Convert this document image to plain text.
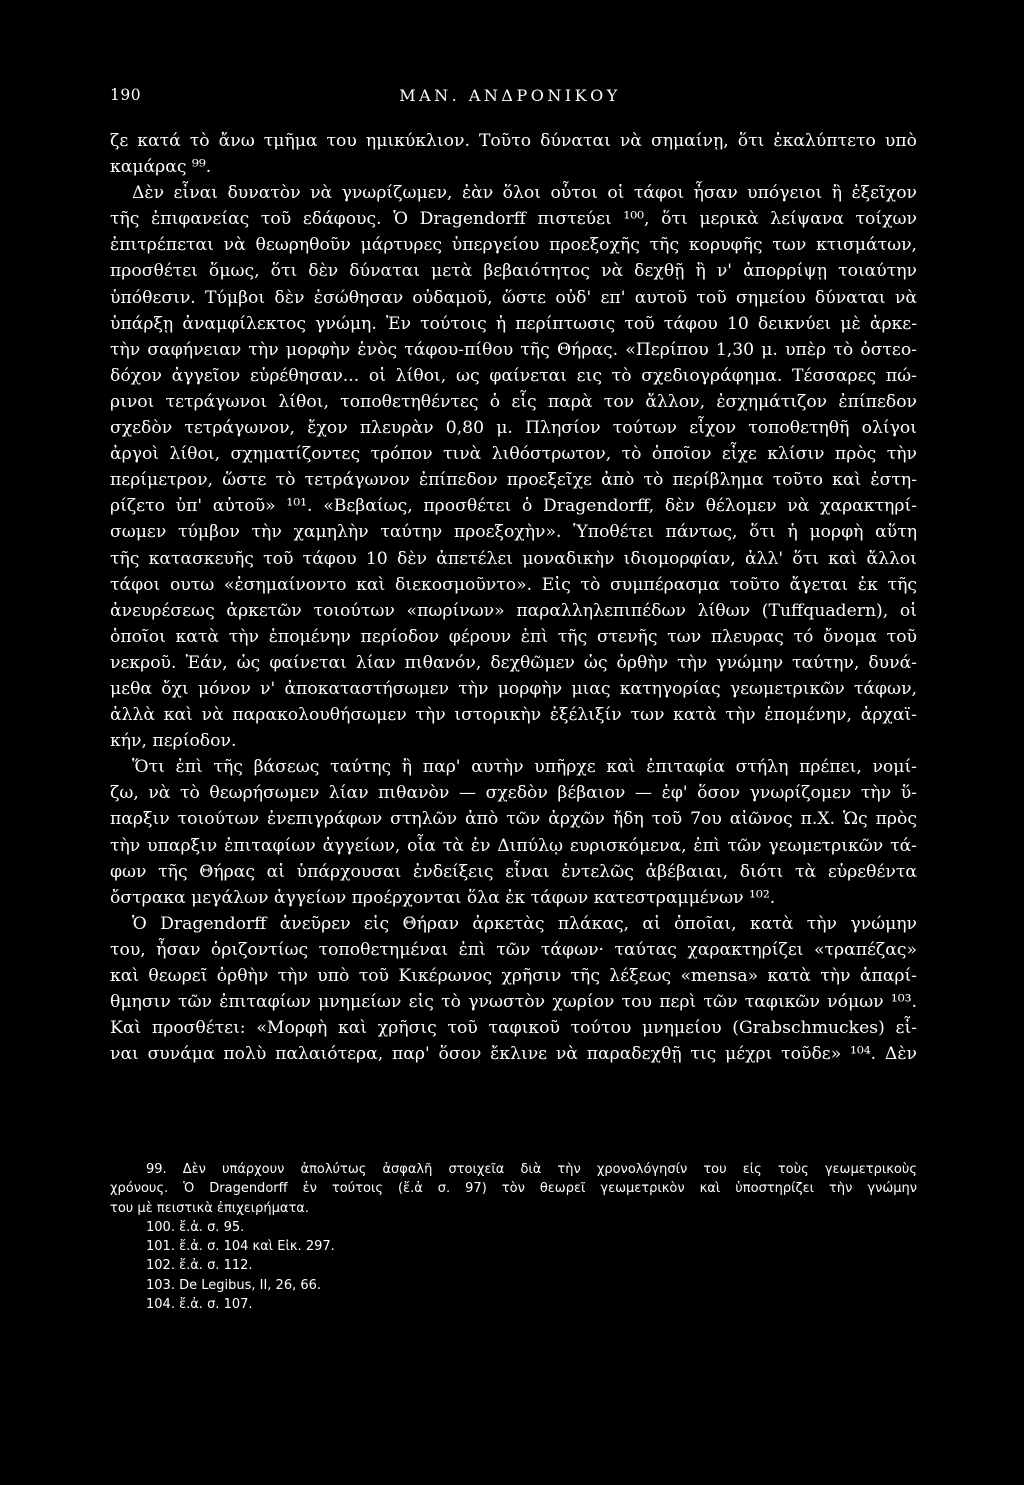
190	ΜΑΝ. ΑΝΔΡΟΝΙΚΟΥ
ζε κατά τὸ ἄνω τμῆμα του ημικύκλιον. Τοῦτο δύναται νὰ σημαίνῃ, ὅτι ἐκαλύπτετο υπὸ
καμάρας ⁹⁹.
Δὲν εἶναι δυνατὸν νὰ γνωρίζωμεν, ἐὰν ὅλοι οὗτοι οἱ τάφοι ἦσαν υπόγειοι ἢ ἐξεῖχον
τῆς ἐπιφανείας τοῦ εδάφους. Ὁ Dragendorff πιστεύει ¹⁰⁰, ὅτι μερικὰ λείψανα τοίχων
ἐπιτρέπεται νὰ θεωρηθοῦν μάρτυρες ὑπεργείου προεξοχῆς τῆς κορυφῆς των κτισμάτων,
προσθέτει ὅμως, ὅτι δὲν δύναται μετὰ βεβαιότητος νὰ δεχθῇ ἢ ν' ἀπορρίψῃ τοιαύτην
ὑπόθεσιν. Τύμβοι δὲν ἐσώθησαν οὐδαμοῦ, ὥστε οὐδ' επ' αυτοῦ τοῦ σημείου δύναται νὰ
ὑπάρξῃ ἀναμφίλεκτος γνώμη. Ἐν τούτοις ἡ περίπτωσις τοῦ τάφου 10 δεικνύει μὲ ἀρκε-
τὴν σαφήνειαν τὴν μορφὴν ἑνὸς τάφου-πίθου τῆς Θήρας. «Περίπου 1,30 μ. υπὲρ τὸ ὀστεο-
δόχον ἀγγεῖον εὑρέθησαν... οἱ λίθοι, ως φαίνεται εις τὸ σχεδιογράφημα. Τέσσαρες πώ-
ρινοι τετράγωνοι λίθοι, τοποθετηθέντες ὁ εἷς παρὰ τον ἄλλον, ἐσχημάτιζον ἐπίπεδον
σχεδὸν τετράγωνον, ἔχον πλευρὰν 0,80 μ. Πλησίον τούτων εἶχον τοποθετηθῆ ολίγοι
ἀργοὶ λίθοι, σχηματίζοντες τρόπον τινὰ λιθόστρωτον, τὸ ὁποῖον εἶχε κλίσιν πρὸς τὴν
περίμετρον, ὥστε τὸ τετράγωνον ἐπίπεδον προεξεῖχε ἀπὸ τὸ περίβλημα τοῦτο καὶ ἐστη-
ρίζετο ὑπ' αὐτοῦ» ¹⁰¹. «Βεβαίως, προσθέτει ὁ Dragendorff, δὲν θέλομεν νὰ χαρακτηρί-
σωμεν τύμβον τὴν χαμηλὴν ταύτην προεξοχὴν». Ὑποθέτει πάντως, ὅτι ἡ μορφὴ αὕτη
τῆς κατασκευῆς τοῦ τάφου 10 δὲν ἀπετέλει μοναδικὴν ιδιομορφίαν, ἀλλ' ὅτι καὶ ἄλλοι
τάφοι ουτω «ἐσημαίνοντο καὶ διεκοσμοῦντο». Εἰς τὸ συμπέρασμα τοῦτο ἄγεται ἐκ τῆς
ἀνευρέσεως ἀρκετῶν τοιούτων «πωρίνων» παραλληλεπιπέδων λίθων (Tuffquadern), οἱ
ὁποῖοι κατὰ τὴν ἑπομένην περίοδον φέρουν ἐπὶ τῆς στενῆς των πλευρας τό ὄνομα τοῦ
νεκροῦ. Ἐάν, ὡς φαίνεται λίαν πιθανόν, δεχθῶμεν ὡς ὀρθὴν τὴν γνώμην ταύτην, δυνά-
μεθα ὄχι μόνον ν' ἀποκαταστήσωμεν τὴν μορφὴν μιας κατηγορίας γεωμετρικῶν τάφων,
ἀλλὰ καὶ νὰ παρακολουθήσωμεν τὴν ιστορικὴν ἐξέλιξίν των κατὰ τὴν ἑπομένην, ἀρχαϊ-
κήν, περίοδον.
Ὅτι ἐπὶ τῆς βάσεως ταύτης ἢ παρ' αυτὴν υπῆρχε καὶ ἐπιταφία στήλη πρέπει, νομί-
ζω, νὰ τὸ θεωρήσωμεν λίαν πιθανὸν — σχεδὸν βέβαιον — ἐφ' ὅσον γνωρίζομεν τὴν ὕ-
παρξιν τοιούτων ἐνεπιγράφων στηλῶν ἀπὸ τῶν ἀρχῶν ἤδη τοῦ 7ου αἰῶνος π.Χ. Ὡς πρὸς
τὴν υπαρξιν ἐπιταφίων ἀγγείων, οἷα τὰ ἐν Διπύλῳ ευρισκόμενα, ἐπὶ τῶν γεωμετρικῶν τά-
φων τῆς Θήρας αἱ ὑπάρχουσαι ἐνδείξεις εἶναι ἐντελῶς ἀβέβαιαι, διότι τὰ εὑρεθέντα
ὄστρακα μεγάλων ἀγγείων προέρχονται ὅλα ἐκ τάφων κατεστραμμένων ¹⁰².
Ὁ Dragendorff ἀνεῦρεν εἰς Θήραν ἀρκετὰς πλάκας, αἱ ὁποῖαι, κατὰ τὴν γνώμην
του, ἦσαν ὁριζοντίως τοποθετημέναι ἐπὶ τῶν τάφων· ταύτας χαρακτηρίζει «τραπέζας»
καὶ θεωρεῖ ὀρθὴν τὴν υπὸ τοῦ Κικέρωνος χρῆσιν τῆς λέξεως «mensa» κατὰ τὴν ἀπαρί-
θμησιν τῶν ἐπιταφίων μνημείων εἰς τὸ γνωστὸν χωρίον του περὶ τῶν ταφικῶν νόμων ¹⁰³.
Καὶ προσθέτει: «Μορφὴ καὶ χρῆσις τοῦ ταφικοῦ τούτου μνημείου (Grabschmuckes) εἶ-
ναι συνάμα πολὺ παλαιότερα, παρ' ὅσον ἔκλινε νὰ παραδεχθῇ τις μέχρι τοῦδε» ¹⁰⁴. Δὲν
99. Δὲν υπάρχουν ἀπολύτως ἀσφαλῆ στοιχεῖα διὰ τὴν χρονολόγησίν του εἰς τοὺς γεωμετρικοὺς
χρόνους. Ὁ Dragendorff ἐν τούτοις (ἔ.ἀ σ. 97) τὸν θεωρεῖ γεωμετρικὸν καὶ ὑποστηρίζει τὴν γνώμην
του μὲ πειστικὰ ἐπιχειρήματα.
100. ἔ.ἀ. σ. 95.
101. ἔ.ἀ. σ. 104 καὶ Εἰκ. 297.
102. ἔ.ἀ. σ. 112.
103. De Legibus, II, 26, 66.
104. ἔ.ἀ. σ. 107.
